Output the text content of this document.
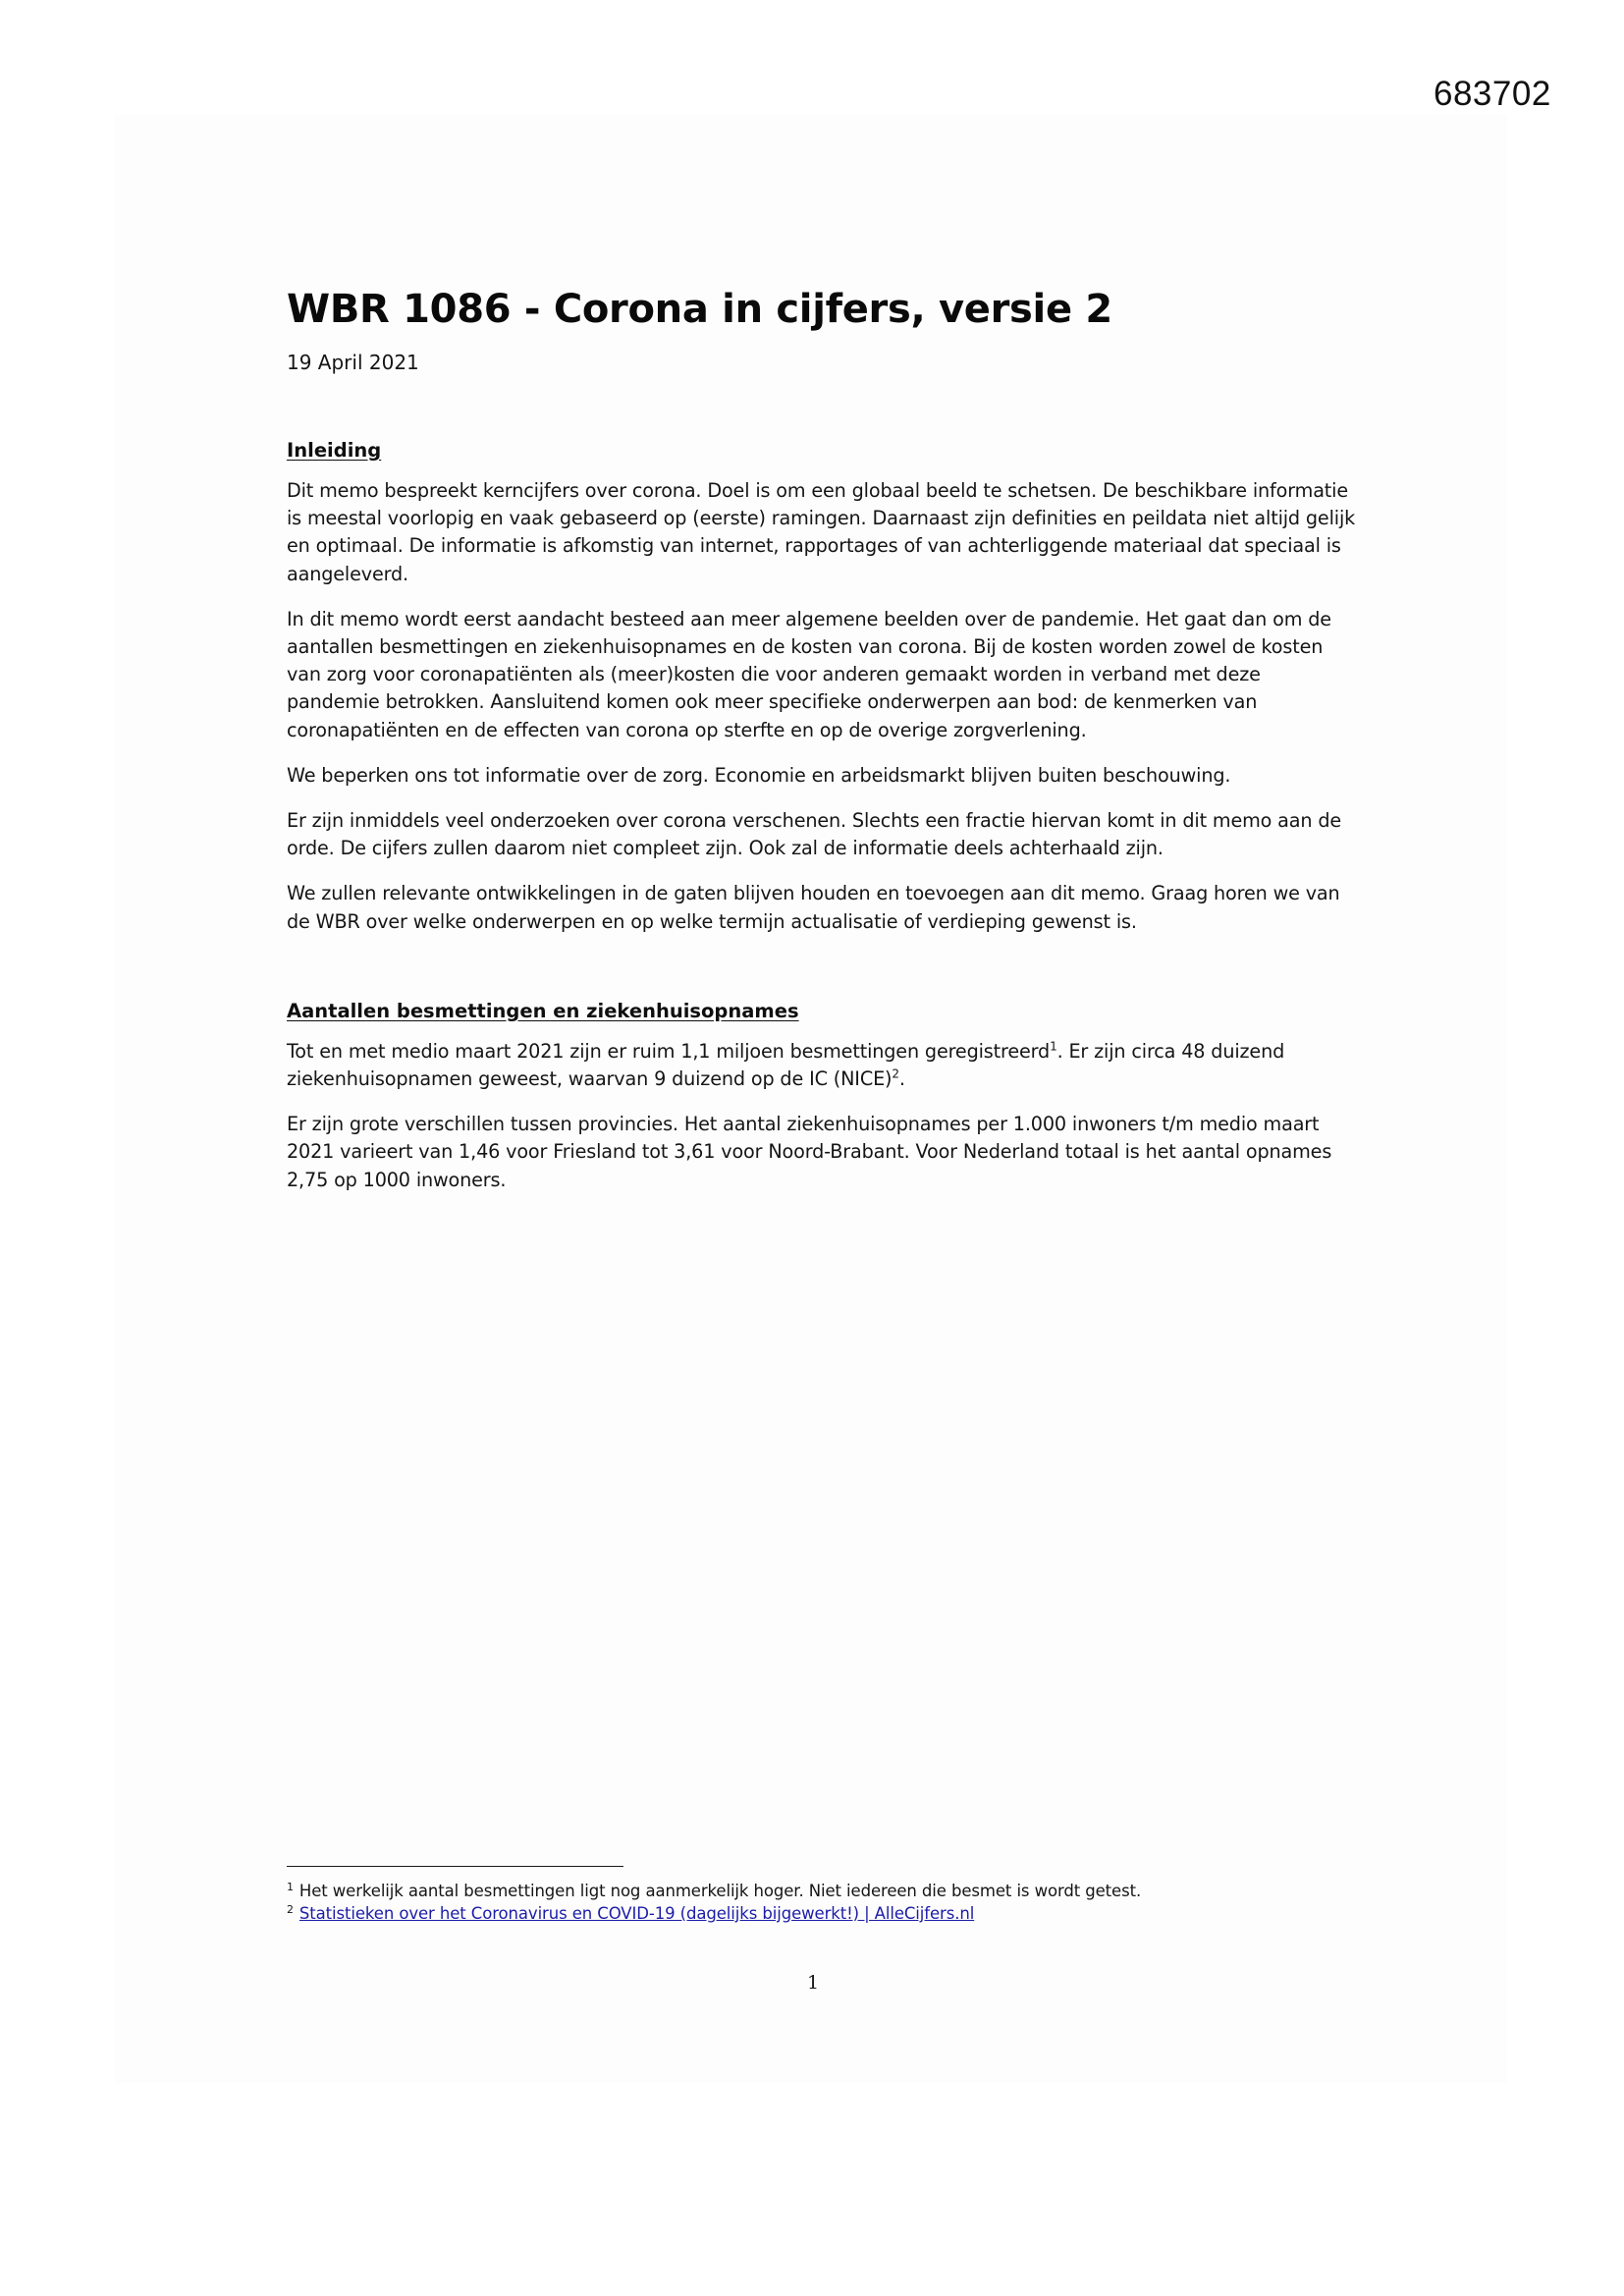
683702
WBR 1086 - Corona in cijfers, versie 2
19 April 2021
Inleiding

Dit memo bespreekt kerncijfers over corona. Doel is om een globaal beeld te schetsen. De beschikbare informatie is meestal voorlopig en vaak gebaseerd op (eerste) ramingen. Daarnaast zijn definities en peildata niet altijd gelijk en optimaal. De informatie is afkomstig van internet, rapportages of van achterliggende materiaal dat speciaal is aangeleverd.

In dit memo wordt eerst aandacht besteed aan meer algemene beelden over de pandemie. Het gaat dan om de aantallen besmettingen en ziekenhuisopnames en de kosten van corona. Bij de kosten worden zowel de kosten van zorg voor coronapatiënten als (meer)kosten die voor anderen gemaakt worden in verband met deze pandemie betrokken. Aansluitend komen ook meer specifieke onderwerpen aan bod: de kenmerken van coronapatiënten en de effecten van corona op sterfte en op de overige zorgverlening.

We beperken ons tot informatie over de zorg. Economie en arbeidsmarkt blijven buiten beschouwing.

Er zijn inmiddels veel onderzoeken over corona verschenen. Slechts een fractie hiervan komt in dit memo aan de orde. De cijfers zullen daarom niet compleet zijn. Ook zal de informatie deels achterhaald zijn.

We zullen relevante ontwikkelingen in de gaten blijven houden en toevoegen aan dit memo. Graag horen we van de WBR over welke onderwerpen en op welke termijn actualisatie of verdieping gewenst is.

Aantallen besmettingen en ziekenhuisopnames

Tot en met medio maart 2021 zijn er ruim 1,1 miljoen besmettingen geregistreerd$^1$. Er zijn circa 48 duizend ziekenhuisopnamen geweest, waarvan 9 duizend op de IC (NICE)$^2$.

Er zijn grote verschillen tussen provincies. Het aantal ziekenhuisopnames per 1.000 inwoners t/m medio maart 2021 varieert van 1,46 voor Friesland tot 3,61 voor Noord-Brabant. Voor Nederland totaal is het aantal opnames 2,75 op 1000 inwoners.

$^1$ Het werkelijk aantal besmettingen ligt nog aanmerkelijk hoger. Niet iedereen die besmet is wordt getest.
$^2$ Statistieken over het Coronavirus en COVID-19 (dagelijks bijgewerkt!) | AlleCijfers.nl
1
